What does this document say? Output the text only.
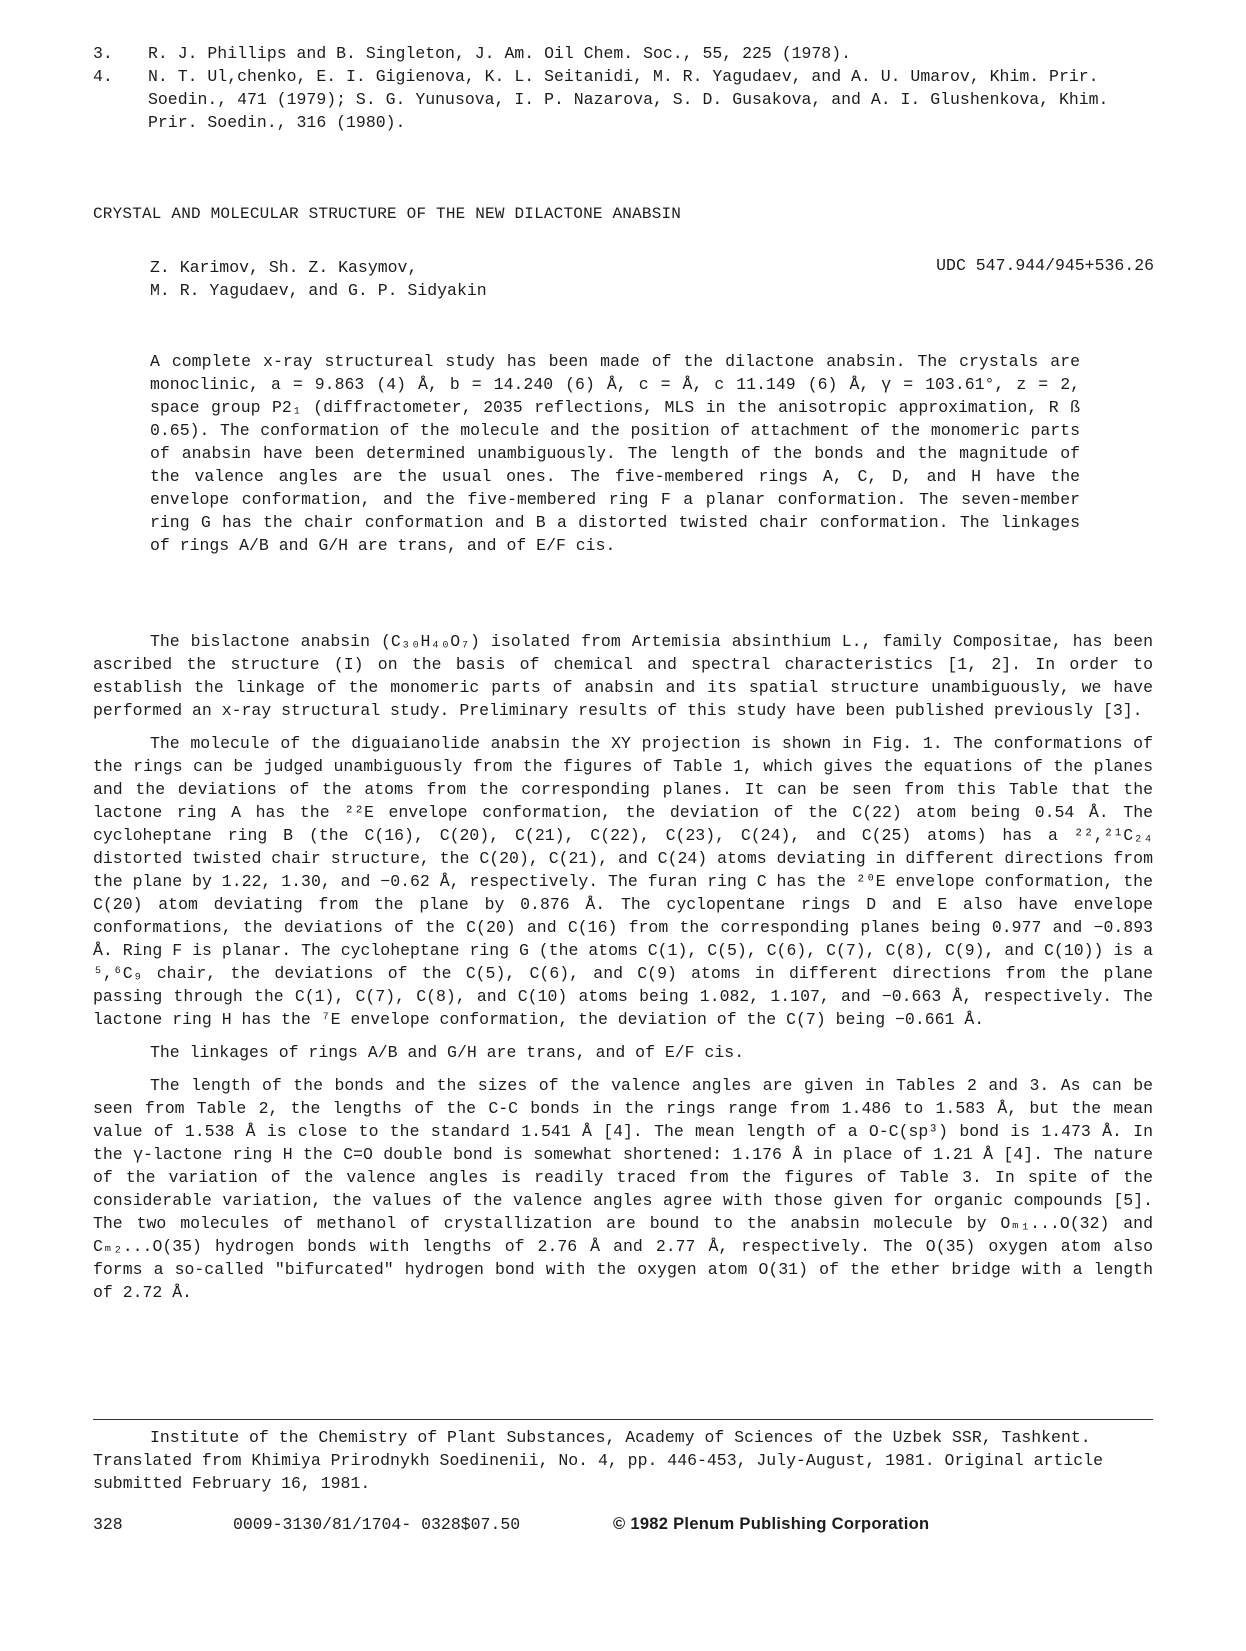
3.	R. J. Phillips and B. Singleton, J. Am. Oil Chem. Soc., 55, 225 (1978).
4.	N. T. Ul,chenko, E. I. Gigienova, K. L. Seitanidi, M. R. Yagudaev, and A. U. Umarov, Khim. Prir. Soedin., 471 (1979); S. G. Yunusova, I. P. Nazarova, S. D. Gusakova, and A. I. Glushenkova, Khim. Prir. Soedin., 316 (1980).
CRYSTAL AND MOLECULAR STRUCTURE OF THE NEW DILACTONE ANABSIN
Z. Karimov, Sh. Z. Kasymov,
M. R. Yagudaev, and G. P. Sidyakin
UDC 547.944/945+536.26
A complete x-ray structureal study has been made of the dilactone anabsin. The crystals are monoclinic, a = 9.863 (4) Å, b = 14.240 (6) Å, c = Å, c 11.149 (6) Å, γ = 103.61°, z = 2, space group P2₁ (diffractometer, 2035 reflections, MLS in the anisotropic approximation, R ß 0.65). The conformation of the molecule and the position of attachment of the monomeric parts of anabsin have been determined unambiguously. The length of the bonds and the magnitude of the valence angles are the usual ones. The five-membered rings A, C, D, and H have the envelope conformation, and the five-membered ring F a planar conformation. The seven-member ring G has the chair conformation and B a distorted twisted chair conformation. The linkages of rings A/B and G/H are trans, and of E/F cis.

The bislactone anabsin (C₃₀H₄₀O₇) isolated from Artemisia absinthium L., family Compositae, has been ascribed the structure (I) on the basis of chemical and spectral characteristics [1, 2]. In order to establish the linkage of the monomeric parts of anabsin and its spatial structure unambiguously, we have performed an x-ray structural study. Preliminary results of this study have been published previously [3].

The molecule of the diguaianolide anabsin the XY projection is shown in Fig. 1. The conformations of the rings can be judged unambiguously from the figures of Table 1, which gives the equations of the planes and the deviations of the atoms from the corresponding planes. It can be seen from this Table that the lactone ring A has the ²²E envelope conformation, the deviation of the C(22) atom being 0.54 Å. The cycloheptane ring B (the C(16), C(20), C(21), C(22), C(23), C(24), and C(25) atoms) has a ²²,²¹C₂₄ distorted twisted chair structure, the C(20), C(21), and C(24) atoms deviating in different directions from the plane by 1.22, 1.30, and −0.62 Å, respectively. The furan ring C has the ²⁰E envelope conformation, the C(20) atom deviating from the plane by 0.876 Å. The cyclopentane rings D and E also have envelope conformations, the deviations of the C(20) and C(16) from the corresponding planes being 0.977 and −0.893 Å. Ring F is planar. The cycloheptane ring G (the atoms C(1), C(5), C(6), C(7), C(8), C(9), and C(10)) is a ⁵,⁶C₉ chair, the deviations of the C(5), C(6), and C(9) atoms in different directions from the plane passing through the C(1), C(7), C(8), and C(10) atoms being 1.082, 1.107, and −0.663 Å, respectively. The lactone ring H has the ⁷E envelope conformation, the deviation of the C(7) being −0.661 Å.

The linkages of rings A/B and G/H are trans, and of E/F cis.

The length of the bonds and the sizes of the valence angles are given in Tables 2 and 3. As can be seen from Table 2, the lengths of the C-C bonds in the rings range from 1.486 to 1.583 Å, but the mean value of 1.538 Å is close to the standard 1.541 Å [4]. The mean length of a O-C(sp³) bond is 1.473 Å. In the γ-lactone ring H the C=O double bond is somewhat shortened: 1.176 Å in place of 1.21 Å [4]. The nature of the variation of the valence angles is readily traced from the figures of Table 3. In spite of the considerable variation, the values of the valence angles agree with those given for organic compounds [5]. The two molecules of methanol of crystallization are bound to the anabsin molecule by Oₘ₁...O(32) and Cₘ₂...O(35) hydrogen bonds with lengths of 2.76 Å and 2.77 Å, respectively. The O(35) oxygen atom also forms a so-called "bifurcated" hydrogen bond with the oxygen atom O(31) of the ether bridge with a length of 2.72 Å.

Institute of the Chemistry of Plant Substances, Academy of Sciences of the Uzbek SSR, Tashkent. Translated from Khimiya Prirodnykh Soedinenii, No. 4, pp. 446-453, July-August, 1981. Original article submitted February 16, 1981.
328	0009-3130/81/1704- 0328$07.50	© 1982 Plenum Publishing Corporation
